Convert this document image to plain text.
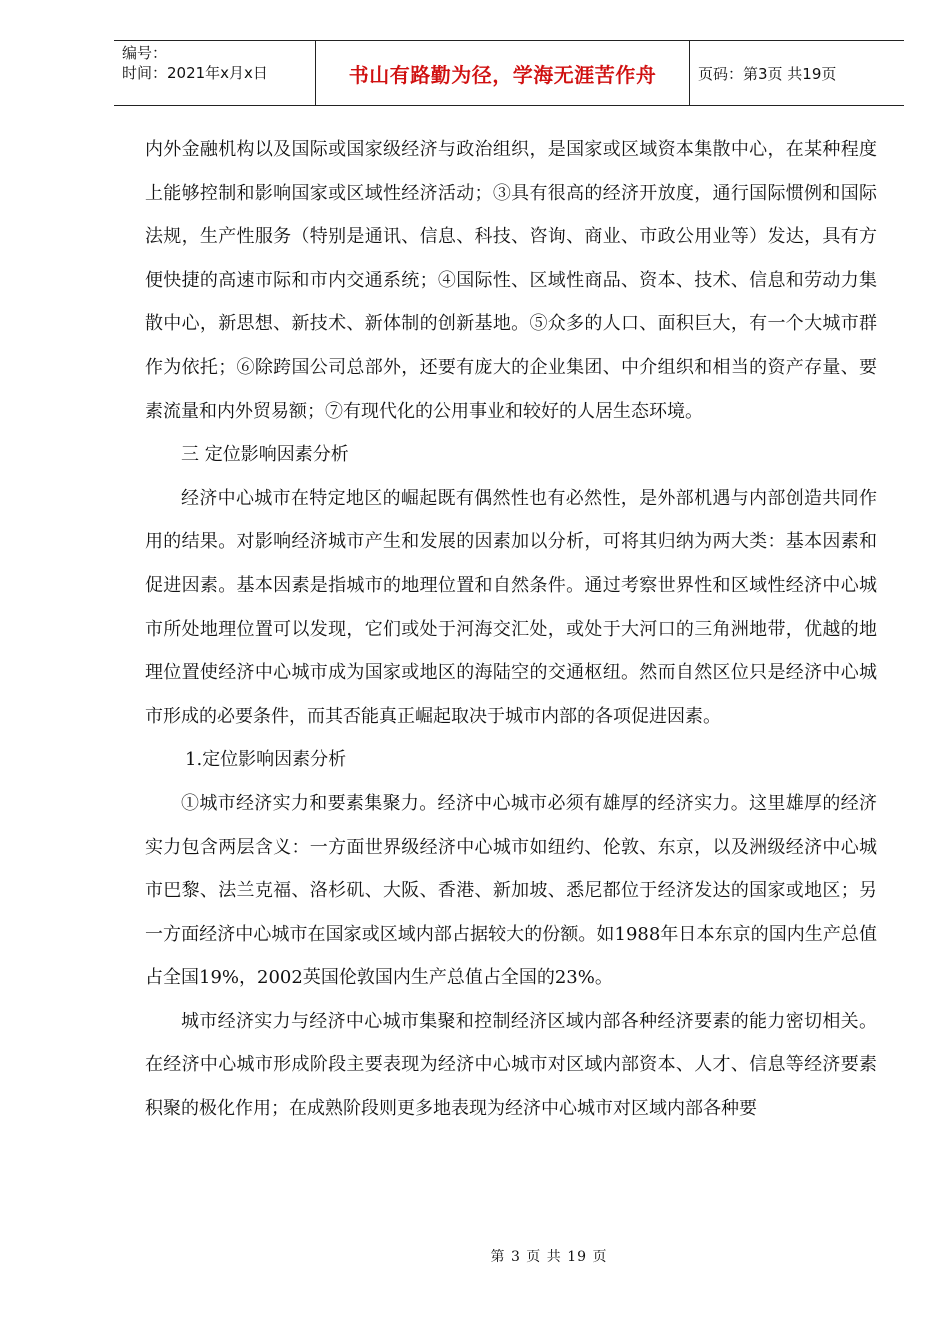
编号：
时间：2021年x月x日	书山有路勤为径，学海无涯苦作舟	页码：第3页 共19页

内外金融机构以及国际或国家级经济与政治组织，是国家或区域资本集散中心，在某种程度上能够控制和影响国家或区域性经济活动；③具有很高的经济开放度，通行国际惯例和国际法规，生产性服务（特别是通讯、信息、科技、咨询、商业、市政公用业等）发达，具有方便快捷的高速市际和市内交通系统；④国际性、区域性商品、资本、技术、信息和劳动力集散中心，新思想、新技术、新体制的创新基地。⑤众多的人口、面积巨大，有一个大城市群作为依托；⑥除跨国公司总部外，还要有庞大的企业集团、中介组织和相当的资产存量、要素流量和内外贸易额；⑦有现代化的公用事业和较好的人居生态环境。

三 定位影响因素分析

经济中心城市在特定地区的崛起既有偶然性也有必然性，是外部机遇与内部创造共同作用的结果。对影响经济城市产生和发展的因素加以分析，可将其归纳为两大类：基本因素和促进因素。基本因素是指城市的地理位置和自然条件。通过考察世界性和区域性经济中心城市所处地理位置可以发现，它们或处于河海交汇处，或处于大河口的三角洲地带，优越的地理位置使经济中心城市成为国家或地区的海陆空的交通枢纽。然而自然区位只是经济中心城市形成的必要条件，而其否能真正崛起取决于城市内部的各项促进因素。

1.定位影响因素分析

①城市经济实力和要素集聚力。经济中心城市必须有雄厚的经济实力。这里雄厚的经济实力包含两层含义：一方面世界级经济中心城市如纽约、伦敦、东京，以及洲级经济中心城市巴黎、法兰克福、洛杉矶、大阪、香港、新加坡、悉尼都位于经济发达的国家或地区；另一方面经济中心城市在国家或区域内部占据较大的份额。如1988年日本东京的国内生产总值占全国19%，2002英国伦敦国内生产总值占全国的23%。

城市经济实力与经济中心城市集聚和控制经济区域内部各种经济要素的能力密切相关。在经济中心城市形成阶段主要表现为经济中心城市对区域内部资本、人才、信息等经济要素积聚的极化作用；在成熟阶段则更多地表现为经济中心城市对区域内部各种要

第 3 页 共 19 页
